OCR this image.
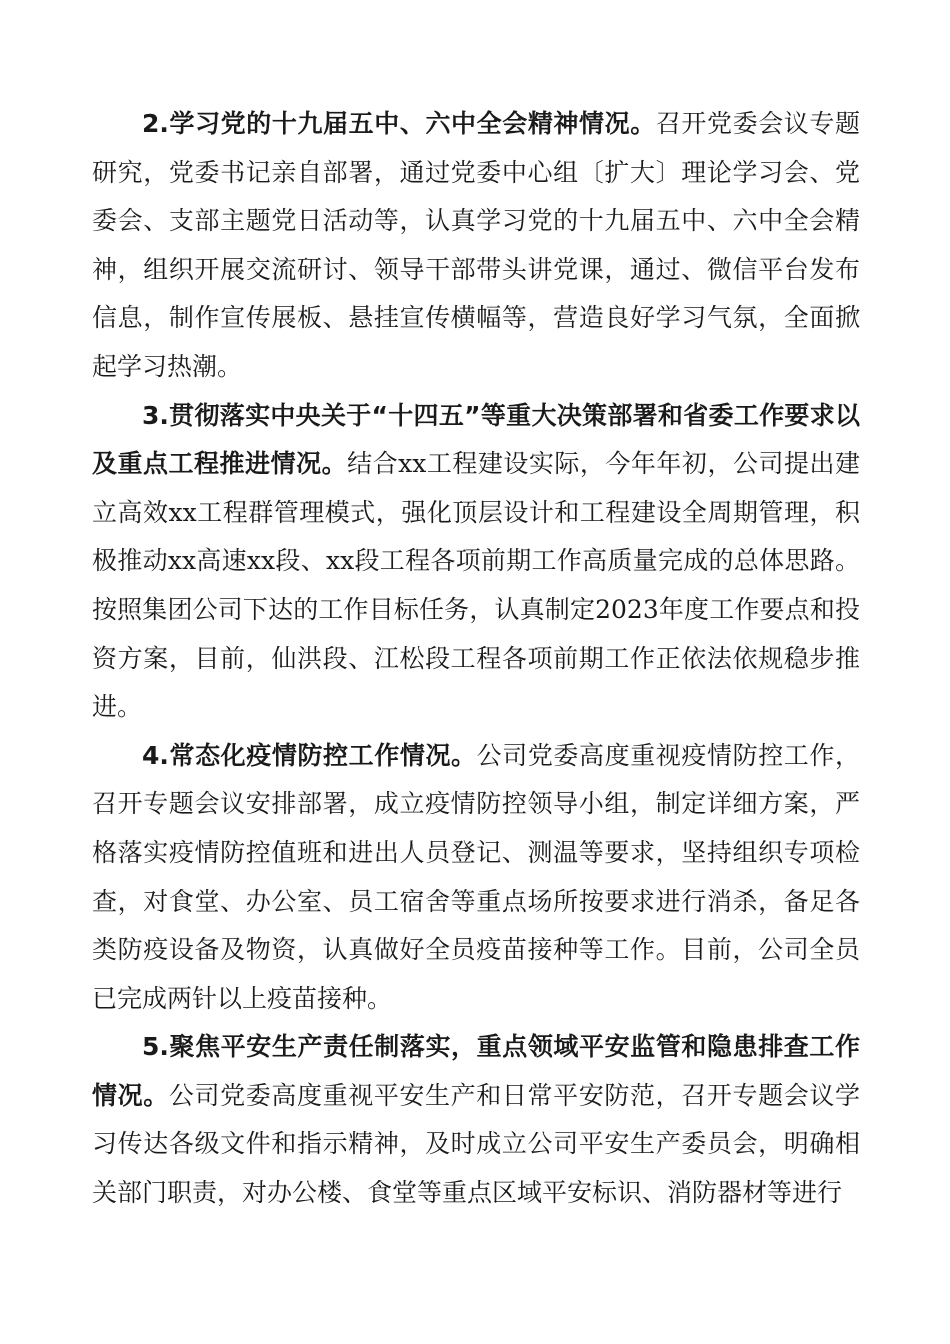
2.学习党的十九届五中、六中全会精神情况。召开党委会议专题研究，党委书记亲自部署，通过党委中心组〔扩大〕理论学习会、党委会、支部主题党日活动等，认真学习党的十九届五中、六中全会精神，组织开展交流研讨、领导干部带头讲党课，通过、微信平台发布信息，制作宣传展板、悬挂宣传横幅等，营造良好学习气氛，全面掀起学习热潮。

3.贯彻落实中央关于“十四五”等重大决策部署和省委工作要求以及重点工程推进情况。结合xx工程建设实际，今年年初，公司提出建立高效xx工程群管理模式，强化顶层设计和工程建设全周期管理，积极推动xx高速xx段、xx段工程各项前期工作高质量完成的总体思路。按照集团公司下达的工作目标任务，认真制定2023年度工作要点和投资方案，目前，仙洪段、江松段工程各项前期工作正依法依规稳步推进。

4.常态化疫情防控工作情况。公司党委高度重视疫情防控工作，召开专题会议安排部署，成立疫情防控领导小组，制定详细方案，严格落实疫情防控值班和进出人员登记、测温等要求，坚持组织专项检查，对食堂、办公室、员工宿舍等重点场所按要求进行消杀，备足各类防疫设备及物资，认真做好全员疫苗接种等工作。目前，公司全员已完成两针以上疫苗接种。

5.聚焦平安生产责任制落实，重点领域平安监管和隐患排查工作情况。公司党委高度重视平安生产和日常平安防范，召开专题会议学习传达各级文件和指示精神，及时成立公司平安生产委员会，明确相关部门职责，对办公楼、食堂等重点区域平安标识、消防器材等进行
